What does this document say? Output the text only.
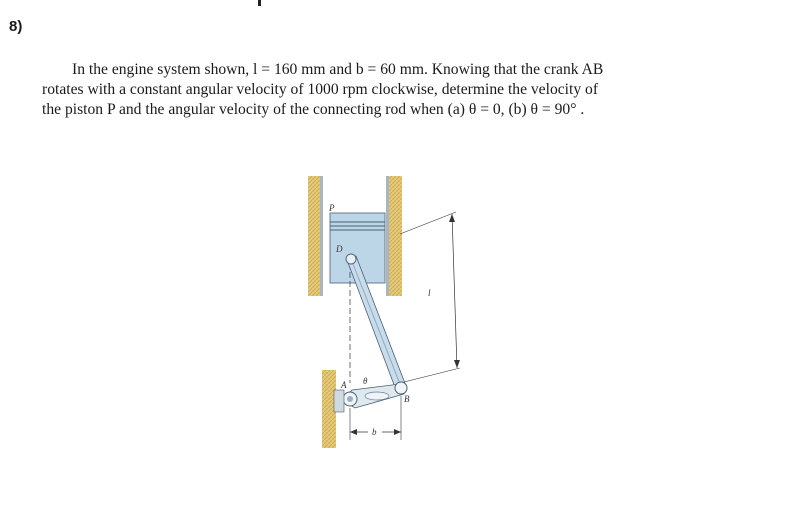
8)
In the engine system shown, l = 160 mm and b = 60 mm. Knowing that the crank AB
rotates with a constant angular velocity of 1000 rpm clockwise, determine the velocity of
the piston P and the angular velocity of the connecting rod when (a) θ = 0, (b) θ = 90° .
P
D
A θ
B
l
b
